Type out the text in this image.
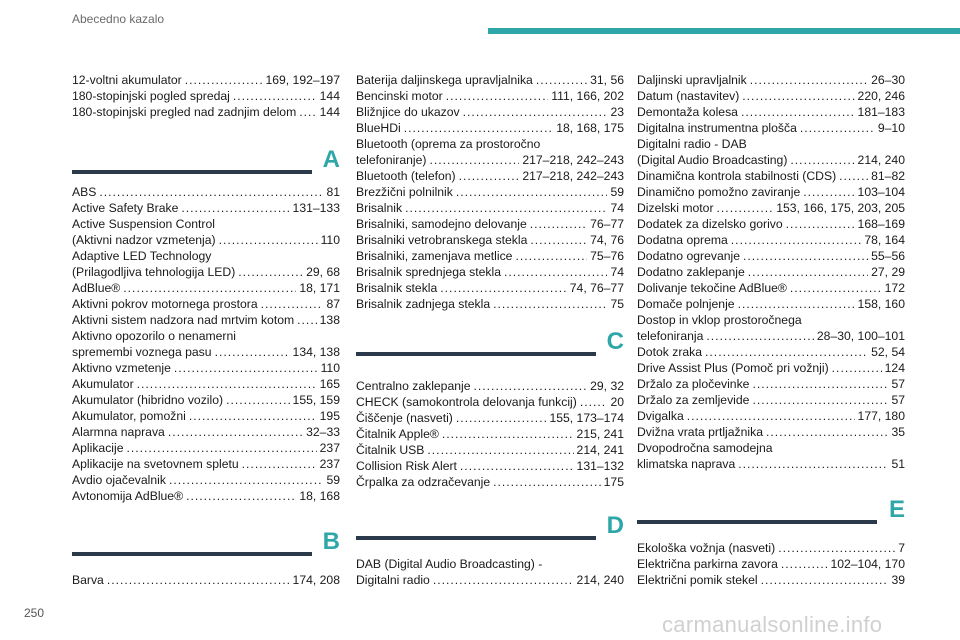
Abecedno kazalo
12-voltni akumulator .....	169, 192–197
180-stopinjski pogled spredaj .....	144
180-stopinjski pregled nad zadnjim delom ..... 144
A
ABS .....	81
Active Safety Brake .....	131–133
Active Suspension Control
(Aktivni nadzor vzmetenja) .....	110
Adaptive LED Technology
(Prilagodljiva tehnologija LED) .....	29, 68
AdBlue® .....	18, 171
Aktivni pokrov motornega prostora .....	87
Aktivni sistem nadzora nad mrtvim kotom ..... 138
Aktivno opozorilo o nenamerni
spremembi voznega pasu .....	134, 138
Aktivno vzmetenje .....	110
Akumulator .....	165
Akumulator (hibridno vozilo) .....	155, 159
Akumulator, pomožni .....	195
Alarmna naprava .....	32–33
Aplikacije .....	237
Aplikacije na svetovnem spletu .....	237
Avdio ojačevalnik .....	59
Avtonomija AdBlue® .....	18, 168
B
Barva .....	174, 208
Baterija daljinskega upravljalnika .....	31, 56
Bencinski motor .....	111, 166, 202
Bližnjice do ukazov .....	23
BlueHDi .....	18, 168, 175
Bluetooth (oprema za prostoročno
telefoniranje) .....	217–218, 242–243
Bluetooth (telefon) .....	217–218, 242–243
Brezžični polnilnik .....	59
Brisalnik .....	74
Brisalniki, samodejno delovanje .....	76–77
Brisalniki vetrobranskega stekla .....	74, 76
Brisalniki, zamenjava metlice .....	75–76
Brisalnik sprednjega stekla .....	74
Brisalnik stekla .....	74, 76–77
Brisalnik zadnjega stekla .....	75
C
Centralno zaklepanje .....	29, 32
CHECK (samokontrola delovanja funkcij) .....	20
Čiščenje (nasveti) .....	155, 173–174
Čitalnik Apple® .....	215, 241
Čitalnik USB .....	214, 241
Collision Risk Alert .....	131–132
Črpalka za odzračevanje .....	175
D
DAB (Digital Audio Broadcasting) -
Digitalni radio .....	214, 240
Daljinski upravljalnik .....	26–30
Datum (nastavitev) .....	220, 246
Demontaža kolesa .....	181–183
Digitalna instrumentna plošča .....	9–10
Digitalni radio - DAB
(Digital Audio Broadcasting) .....	214, 240
Dinamična kontrola stabilnosti (CDS) .....	81–82
Dinamično pomožno zaviranje .....	103–104
Dizelski motor .....	153, 166, 175, 203, 205
Dodatek za dizelsko gorivo .....	168–169
Dodatna oprema .....	78, 164
Dodatno ogrevanje .....	55–56
Dodatno zaklepanje .....	27, 29
Dolivanje tekočine AdBlue® .....	172
Domače polnjenje .....	158, 160
Dostop in vklop prostoročnega
telefoniranja .....	28–30, 100–101
Dotok zraka .....	52, 54
Drive Assist Plus (Pomoč pri vožnji) .....	124
Držalo za pločevinke .....	57
Držalo za zemljevide .....	57
Dvigalka .....	177, 180
Dvižna vrata prtljažnika .....	35
Dvopodročna samodejna
klimatska naprava .....	51
E
Ekološka vožnja (nasveti) .....	7
Električna parkirna zavora .....	102–104, 170
Električni pomik stekel .....	39
250	carmanualsonline.info
